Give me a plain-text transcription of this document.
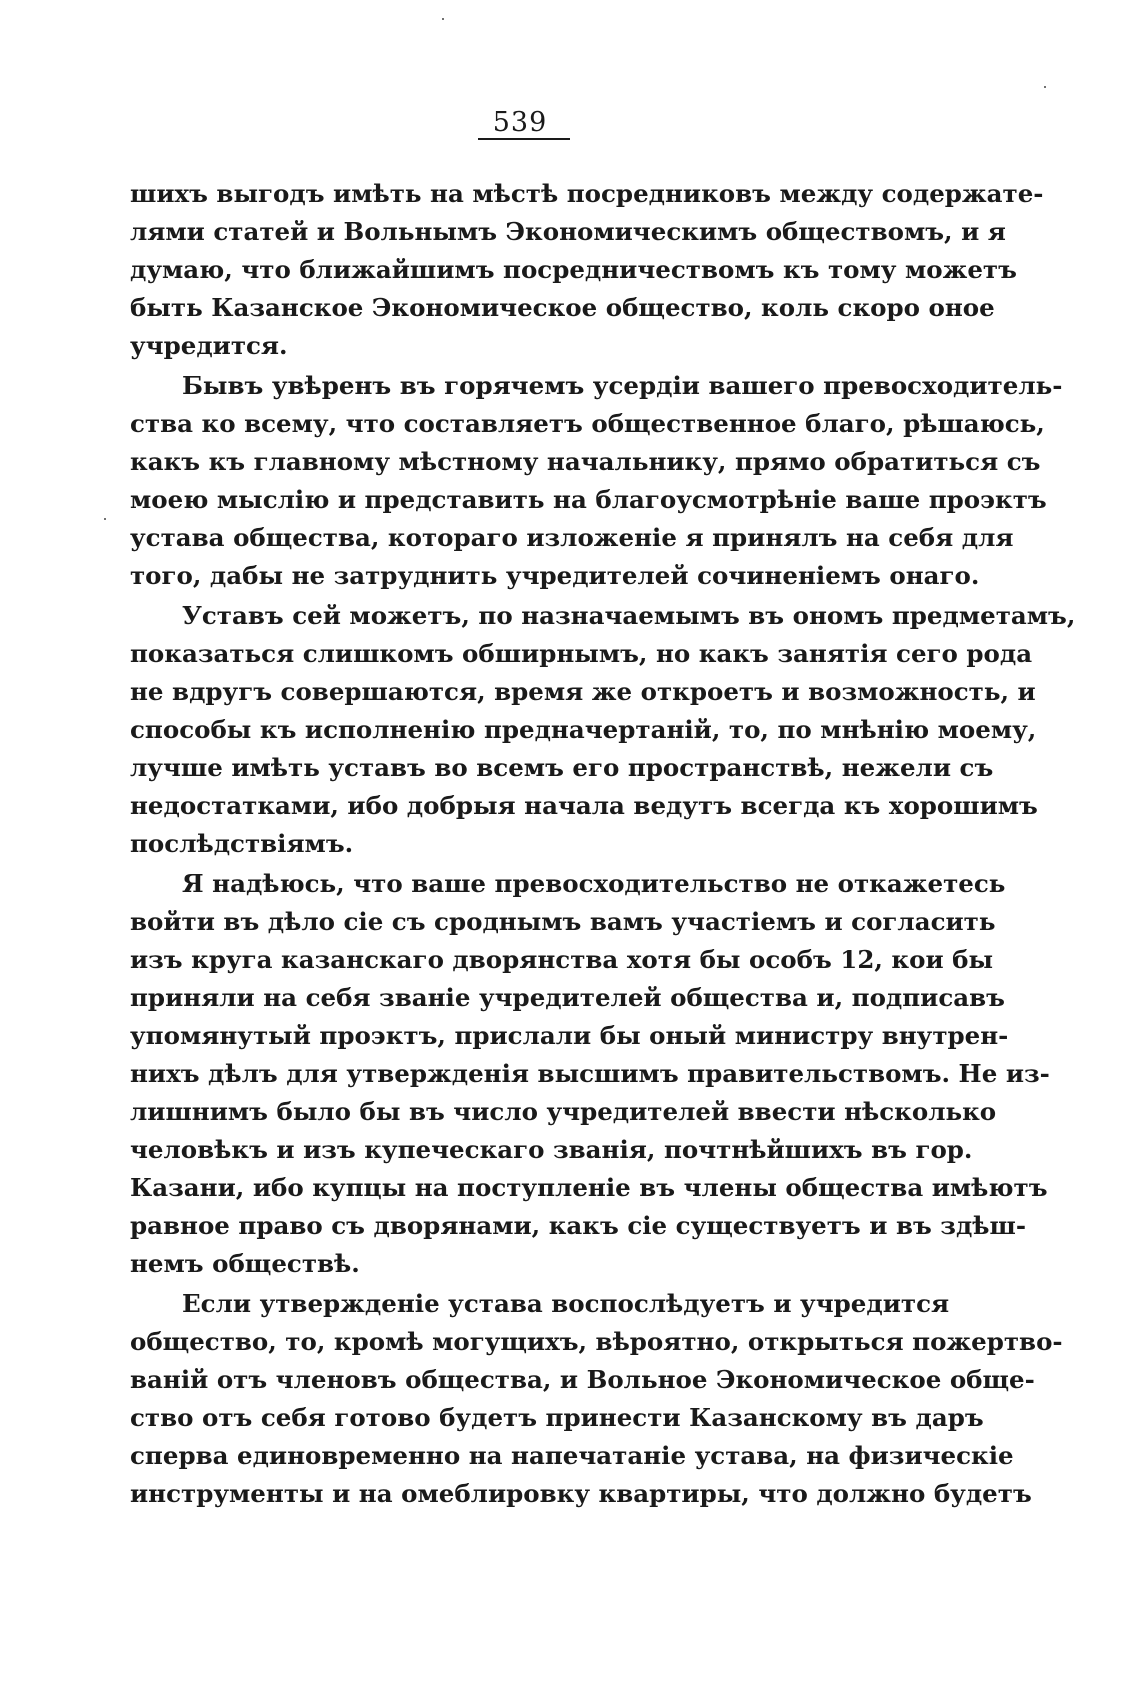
539
шихъ выгодъ имѣть на мѣстѣ посредниковъ между содержате-
лями статей и Вольнымъ Экономическимъ обществомъ, и я
думаю, что ближайшимъ посредничествомъ къ тому можетъ
быть Казанское Экономическое общество, коль скоро оное
учредится.
Бывъ увѣренъ въ горячемъ усердіи вашего превосходитель-
ства ко всему, что составляетъ общественное благо, рѣшаюсь,
какъ къ главному мѣстному начальнику, прямо обратиться съ
моею мыслію и представить на благоусмотрѣніе ваше проэктъ
устава общества, котораго изложеніе я принялъ на себя для
того, дабы не затруднить учредителей сочиненіемъ онаго.
Уставъ сей можетъ, по назначаемымъ въ ономъ предметамъ,
показаться слишкомъ обширнымъ, но какъ занятія сего рода
не вдругъ совершаются, время же откроетъ и возможность, и
способы къ исполненію предначертаній, то, по мнѣнію моему,
лучше имѣть уставъ во всемъ его пространствѣ, нежели съ
недостатками, ибо добрыя начала ведутъ всегда къ хорошимъ
послѣдствіямъ.
Я надѣюсь, что ваше превосходительство не откажетесь
войти въ дѣло сіе съ сроднымъ вамъ участіемъ и согласить
изъ круга казанскаго дворянства хотя бы особъ 12, кои бы
приняли на себя званіе учредителей общества и, подписавъ
упомянутый проэктъ, прислали бы оный министру внутрен-
нихъ дѣлъ для утвержденія высшимъ правительствомъ. Не из-
лишнимъ было бы въ число учредителей ввести нѣсколько
человѣкъ и изъ купеческаго званія, почтнѣйшихъ въ гор.
Казани, ибо купцы на поступленіе въ члены общества имѣютъ
равное право съ дворянами, какъ сіе существуетъ и въ здѣш-
немъ обществѣ.
Если утвержденіе устава воспослѣдуетъ и учредится
общество, то, кромѣ могущихъ, вѣроятно, открыться пожертво-
ваній отъ членовъ общества, и Вольное Экономическое обще-
ство отъ себя готово будетъ принести Казанскому въ даръ
сперва единовременно на напечатаніе устава, на физическіе
инструменты и на омеблировку квартиры, что должно будетъ
